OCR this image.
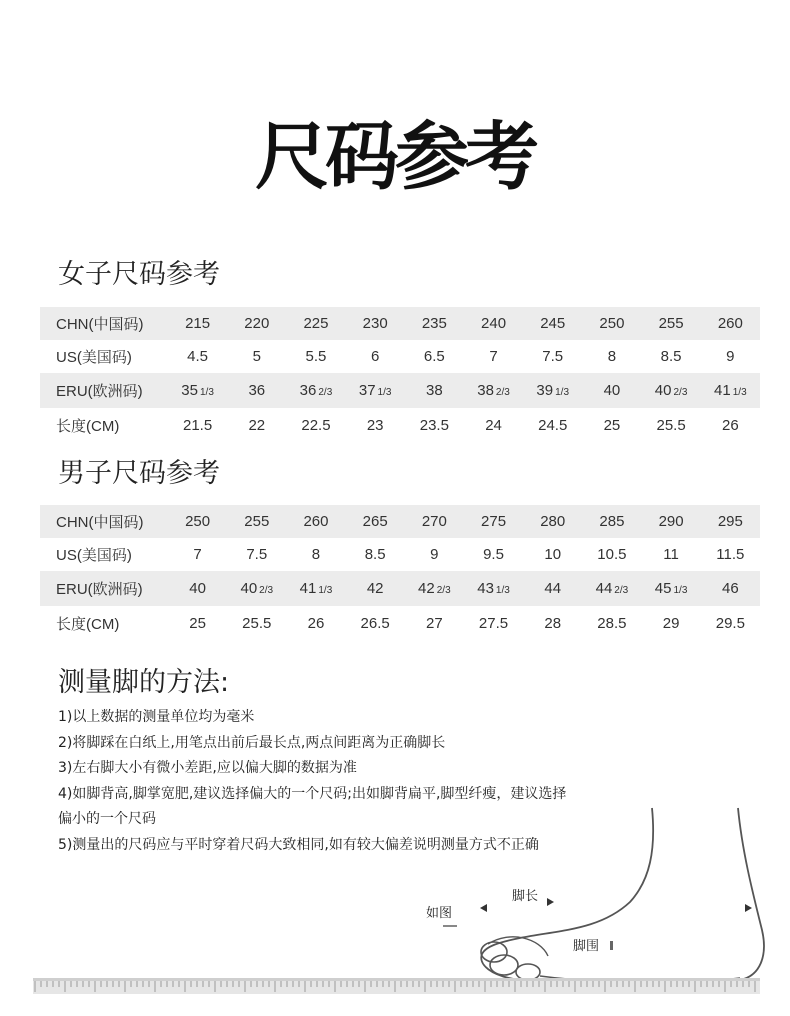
尺码参考
女子尺码参考
CHN(中国码)	215	220	225	230	235	240	245	250	255	260
US(美国码)	4.5	5	5.5	6	6.5	7	7.5	8	8.5	9
ERU(欧洲码)	35 1/3	36	36 2/3	37 1/3	38	38 2/3	39 1/3	40	40 2/3	41 1/3
长度(CM)	21.5	22	22.5	23	23.5	24	24.5	25	25.5	26
男子尺码参考
CHN(中国码)	250	255	260	265	270	275	280	285	290	295
US(美国码)	7	7.5	8	8.5	9	9.5	10	10.5	11	11.5
ERU(欧洲码)	40	40 2/3	41 1/3	42	42 2/3	43 1/3	44	44 2/3	45 1/3	46
长度(CM)	25	25.5	26	26.5	27	27.5	28	28.5	29	29.5
测量脚的方法:

1)以上数据的测量单位均为毫米

2)将脚踩在白纸上,用笔点出前后最长点,两点间距离为正确脚长

3)左右脚大小有微小差距,应以偏大脚的数据为准

4)如脚背高,脚掌宽肥,建议选择偏大的一个尺码;出如脚背扁平,脚型纤瘦，建议选择偏小的一个尺码

5)测量出的尺码应与平时穿着尺码大致相同,如有较大偏差说明测量方式不正确

如图
脚长
脚围
